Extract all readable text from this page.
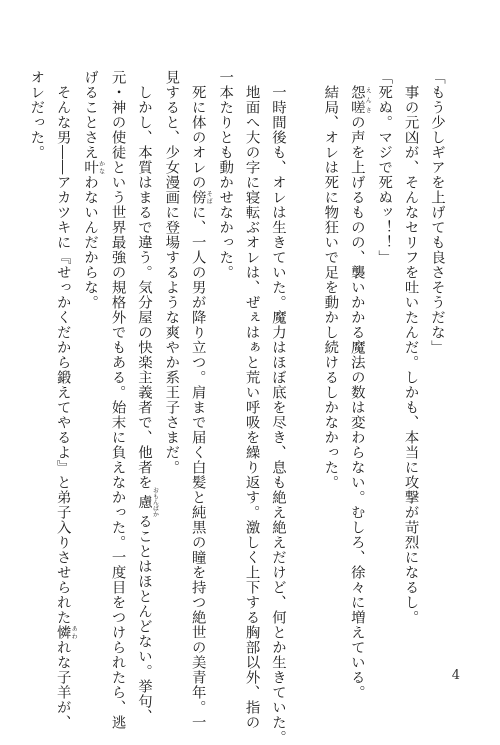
「もう少しギアを上げても良さそうだな」
　事の元凶が、そんなセリフを吐いたんだ。しかも、本当に攻撃が苛烈になるし。
「死ぬ。マジで死ぬッ！！」
　怨嗟 えんさの声を上げるものの、襲いかかる魔法の数は変わらない。むしろ、徐々に増えている。
　結局、オレは死に物狂いで足を動かし続けるしかなかった。
　一時間後も、オレは生きていた。魔力はほぼ底を尽き、息も絶え絶えだけど、何とか生きていた。
　地面へ大の字に寝転ぶオレは、ぜぇはぁと荒い呼吸を繰り返す。激しく上下する胸部以外、指の
一本たりとも動かせなかった。
　死に体のオレの傍 そばに、一人の男が降り立つ。肩まで届く白髪と純黒の瞳を持つ絶世の美青年。一
見すると、少女漫画に登場するような爽やか系王子さまだ。
　しかし、本質はまるで違う。気分屋の快楽主義者で、他者を慮 おもんぱかることはほとんどない。挙句、
元・神の使徒という世界最強の規格外でもある。始末に負えなかった。一度目をつけられたら、逃
げることさえ叶 かなわないんだからな。
　そんな男――アカツキに『せっかくだから鍛えてやるよ』と弟子入りさせられた憐 あわれな子羊が、
オレだった。
4
